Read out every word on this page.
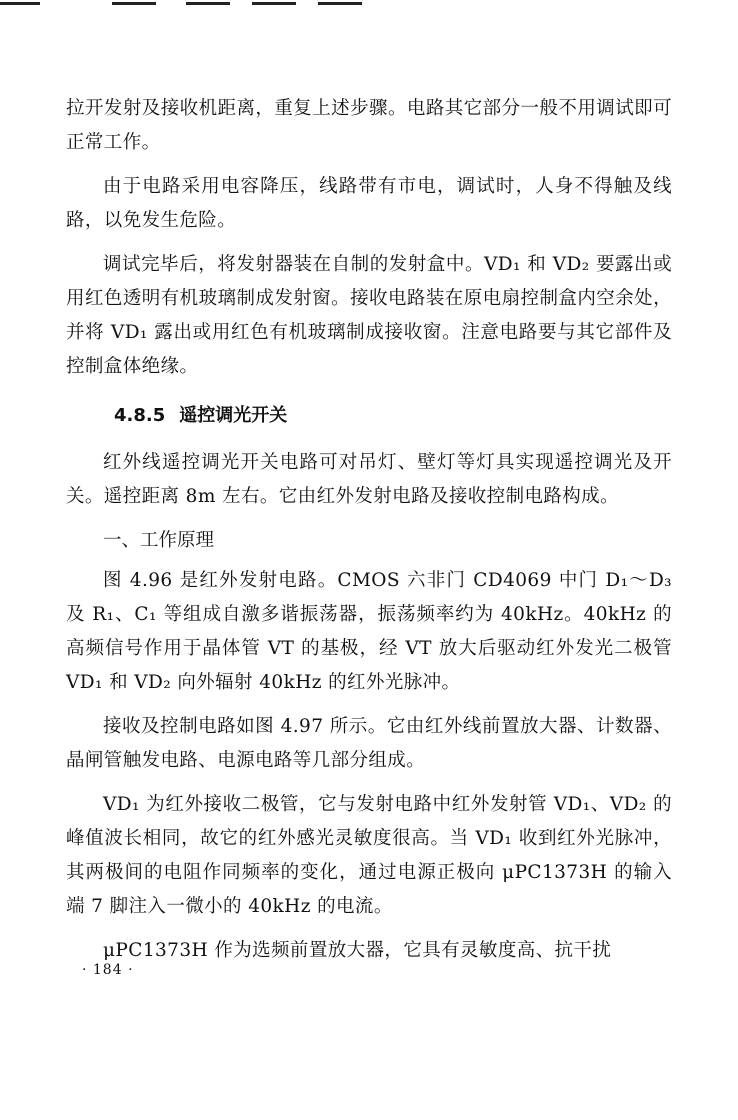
拉开发射及接收机距离，重复上述步骤。电路其它部分一般不用调试即可正常工作。

由于电路采用电容降压，线路带有市电，调试时，人身不得触及线路，以免发生危险。

调试完毕后，将发射器装在自制的发射盒中。VD₁ 和 VD₂ 要露出或用红色透明有机玻璃制成发射窗。接收电路装在原电扇控制盒内空余处，并将 VD₁ 露出或用红色有机玻璃制成接收窗。注意电路要与其它部件及控制盒体绝缘。

4.8.5 遥控调光开关

红外线遥控调光开关电路可对吊灯、壁灯等灯具实现遥控调光及开关。遥控距离 8m 左右。它由红外发射电路及接收控制电路构成。

一、工作原理

图 4.96 是红外发射电路。CMOS 六非门 CD4069 中门 D₁～D₃ 及 R₁、C₁ 等组成自激多谐振荡器，振荡频率约为 40kHz。40kHz 的高频信号作用于晶体管 VT 的基极，经 VT 放大后驱动红外发光二极管 VD₁ 和 VD₂ 向外辐射 40kHz 的红外光脉冲。

接收及控制电路如图 4.97 所示。它由红外线前置放大器、计数器、晶闸管触发电路、电源电路等几部分组成。

VD₁ 为红外接收二极管，它与发射电路中红外发射管 VD₁、VD₂ 的峰值波长相同，故它的红外感光灵敏度很高。当 VD₁ 收到红外光脉冲，其两极间的电阻作同频率的变化，通过电源正极向 μPC1373H 的输入端 7 脚注入一微小的 40kHz 的电流。

μPC1373H 作为选频前置放大器，它具有灵敏度高、抗干扰

· 184 ·
